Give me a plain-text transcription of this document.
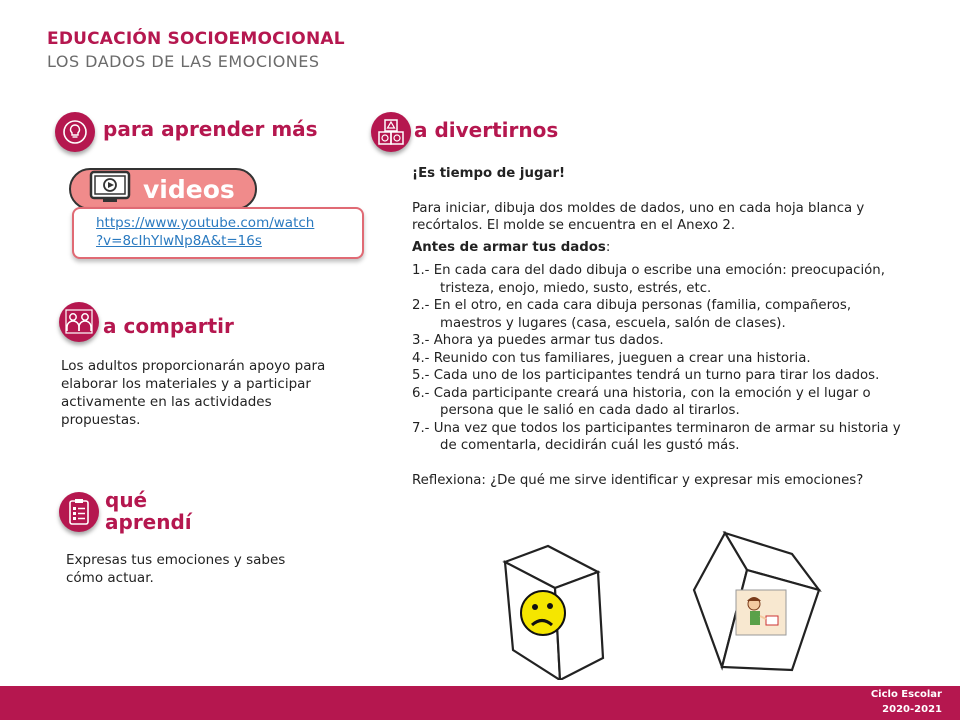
EDUCACIÓN SOCIOEMOCIONAL
LOS DADOS DE LAS EMOCIONES
para aprender más
videos
https://www.youtube.com/watch
?v=8cIhYlwNp8A&t=16s
a compartir
Los adultos proporcionarán apoyo para elaborar los materiales y a participar activamente en las actividades propuestas.
qué
aprendí
Expresas tus emociones y sabes cómo actuar.
a divertirnos

¡Es tiempo de jugar!

Para iniciar, dibuja dos moldes de dados, uno en cada hoja blanca y recórtalos. El molde se encuentra en el Anexo 2.

Antes de armar tus dados:

1.- En cada cara del dado dibuja o escribe una emoción: preocupación, tristeza, enojo, miedo, susto, estrés, etc.
2.- En el otro, en cada cara dibuja personas (familia, compañeros, maestros y lugares (casa, escuela, salón de clases).
3.- Ahora ya puedes armar tus dados.
4.- Reunido con tus familiares, jueguen a crear una historia.
5.- Cada uno de los participantes tendrá un turno para tirar los dados.
6.- Cada participante creará una historia, con la emoción y el lugar o persona que le salió en cada dado al tirarlos.
7.- Una vez que todos los participantes terminaron de armar su historia y de comentarla, decidirán cuál les gustó más.

Reflexiona: ¿De qué me sirve identificar y expresar mis emociones?

Ciclo Escolar
2020-2021
